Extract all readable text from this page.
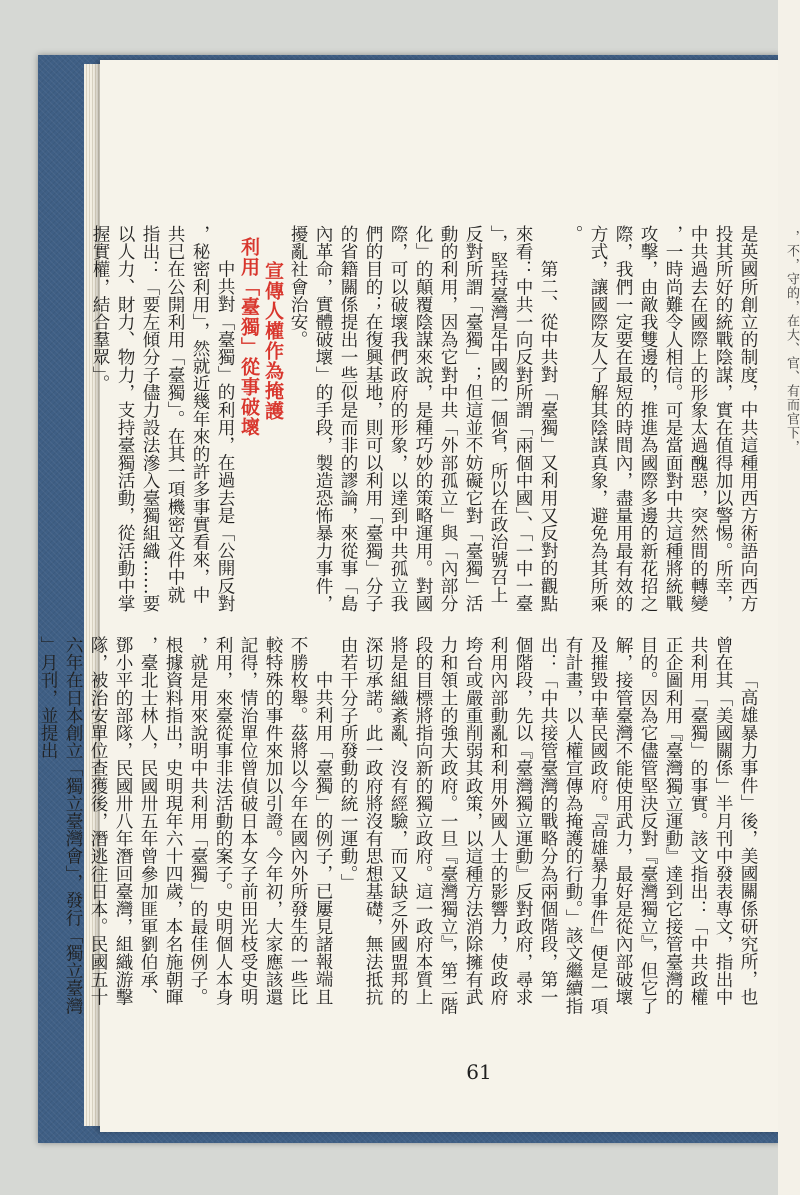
，不，守的，在大、官、有而官下，

是英國所創立的制度，中共這種用西方術語向西方投其所好的統戰陰謀，實在值得加以警惕。所幸，中共過去在國際上的形象太過醜惡，突然間的轉變，一時尚難令人相信。可是當面對中共這種將統戰攻擊，由敵我雙邊的，推進為國際多邊的新花招之際，我們一定要在最短的時間內，盡量用最有效的方式，讓國際友人了解其陰謀真象，避免為其所乘。

第二、從中共對「臺獨」又利用又反對的觀點來看：中共一向反對所謂「兩個中國」、「一中一臺」，堅持臺灣是中國的一個省，所以在政治號召上反對所謂「臺獨」；但這並不妨礙它對「臺獨」活動的利用，因為它對中共「外部孤立」與「內部分化」的顛覆陰謀來說，是種巧妙的策略運用。對國際，可以破壞我們政府的形象，以達到中共孤立我們的目的；在復興基地，則可以利用「臺獨」分子的省籍關係提出一些似是而非的謬論，來從事「島內革命，實體破壞」的手段，製造恐怖暴力事件，擾亂社會治安。

宣傳人權作為掩護

利用「臺獨」從事破壞

中共對「臺獨」的利用，在過去是「公開反對，秘密利用」，然就近幾年來的許多事實看來，中共已在公開利用「臺獨」。在其一項機密文件中就指出：「要左傾分子儘力設法滲入臺獨組織……要以人力、財力、物力，支持臺獨活動，從活動中掌握實權，結合羣眾」。

「高雄暴力事件」後，美國關係研究所，也曾在其「美國關係」半月刊中發表專文，指出中共利用「臺獨」的事實。該文指出：「中共政權正企圖利用『臺灣獨立運動』達到它接管臺灣的目的。因為它儘管堅決反對『臺灣獨立』，但它了解，接管臺灣不能使用武力，最好是從內部破壞及摧毀中華民國政府。『高雄暴力事件』便是一項有計畫，以人權宣傳為掩護的行動。」該文繼續指出：「中共接管臺灣的戰略分為兩個階段，第一個階段，先以『臺灣獨立運動』反對政府，尋求利用內部動亂和利用外國人士的影響力，使政府垮台或嚴重削弱其政策，以這種方法消除擁有武力和領土的強大政府。一旦『臺灣獨立』，第二階段的目標將指向新的獨立政府。這一政府本質上將是組織紊亂、沒有經驗，而又缺乏外國盟邦的深切承諾。此一政府將沒有思想基礎，無法抵抗由若干分子所發動的統一運動。」

中共利用「臺獨」的例子，已屢見諸報端且不勝枚舉。茲將以今年在國內外所發生的一些比較特殊的事件來加以引證。今年初，大家應該還記得，情治單位曾偵破日本女子前田光枝受史明利用，來臺從事非法活動的案子。史明個人本身，就是用來說明中共利用「臺獨」的最佳例子。根據資料指出，史明現年六十四歲，本名施朝暉，臺北士林人，民國卅五年曾參加匪軍劉伯承、鄧小平的部隊，民國卅八年潛回臺灣，組織游擊隊，被治安單位查獲後，潛逃往日本。民國五十六年在日本創立「獨立臺灣會」，發行「獨立臺灣」月刊，並提出

61
